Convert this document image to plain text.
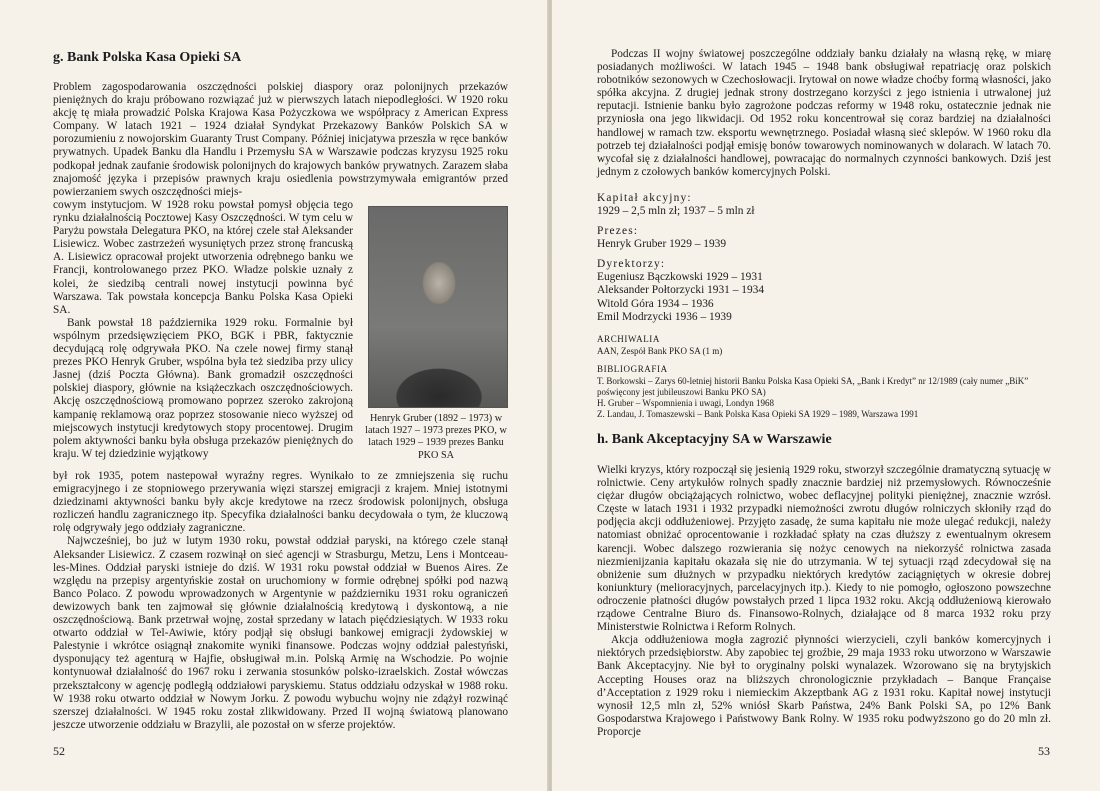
g. Bank Polska Kasa Opieki SA

Problem zagospodarowania oszczędności polskiej diaspory oraz polonijnych przekazów pieniężnych do kraju próbowano rozwiązać już w pierwszych latach niepodległości. W 1920 roku akcję tę miała prowadzić Polska Krajowa Kasa Pożyczkowa we współpracy z American Express Company. W latach 1921 – 1924 działał Syndykat Przekazowy Banków Polskich SA w porozumieniu z nowojorskim Guaranty Trust Company. Później inicjatywa przeszła w ręce banków prywatnych. Upadek Banku dla Handlu i Przemysłu SA w Warszawie podczas kryzysu 1925 roku podkopał jednak zaufanie środowisk polonijnych do krajowych banków prywatnych. Zarazem słaba znajomość języka i przepisów prawnych kraju osiedlenia powstrzymywała emigrantów przed powierzaniem swych oszczędności miejs-

cowym instytucjom. W 1928 roku powstał pomysł objęcia tego rynku działalnością Pocztowej Kasy Oszczędności. W tym celu w Paryżu powstała Delegatura PKO, na której czele stał Aleksander Lisiewicz. Wobec zastrzeżeń wysuniętych przez stronę francuską A. Lisiewicz opracował projekt utworzenia odrębnego banku we Francji, kontrolowanego przez PKO. Władze polskie uznały z kolei, że siedzibą centrali nowej instytucji powinna być Warszawa. Tak powstała koncepcja Banku Polska Kasa Opieki SA.

Bank powstał 18 października 1929 roku. Formalnie był wspólnym przedsięwzięciem PKO, BGK i PBR, faktycznie decydującą rolę odgrywała PKO. Na czele nowej firmy stanął prezes PKO Henryk Gruber, wspólna była też siedziba przy ulicy Jasnej (dziś Poczta Główna). Bank gromadził oszczędności polskiej diaspory, głównie na książeczkach oszczędnościowych. Akcję oszczędnościową promowano poprzez szeroko zakrojoną kampanię reklamową oraz poprzez stosowanie nieco wyższej od miejscowych instytucji kredytowych stopy procentowej. Drugim polem aktywności banku była obsługa przekazów pieniężnych do kraju. W tej dziedzinie wyjątkowy

Henryk Gruber (1892 – 1973) w latach 1927 – 1973 prezes PKO, w latach 1929 – 1939 prezes Banku PKO SA

był rok 1935, potem nastepował wyraźny regres. Wynikało to ze zmniejszenia się ruchu emigracyjnego i ze stopniowego przerywania więzi starszej emigracji z krajem. Mniej istotnymi dziedzinami aktywności banku były akcje kredytowe na rzecz środowisk polonijnych, obsługa rozliczeń handlu zagranicznego itp. Specyfika działalności banku decydowała o tym, że kluczową rolę odgrywały jego oddziały zagraniczne.

Najwcześniej, bo już w lutym 1930 roku, powstał oddział paryski, na którego czele stanął Aleksander Lisiewicz. Z czasem rozwinął on sieć agencji w Strasburgu, Metzu, Lens i Montceau-les-Mines. Oddział paryski istnieje do dziś. W 1931 roku powstał oddział w Buenos Aires. Ze względu na przepisy argentyńskie został on uruchomiony w formie odrębnej spółki pod nazwą Banco Polaco. Z powodu wprowadzonych w Argentynie w październiku 1931 roku ograniczeń dewizowych bank ten zajmował się głównie działalnością kredytową i dyskontową, a nie oszczędnościową. Bank przetrwał wojnę, został sprzedany w latach pięćdziesiątych. W 1933 roku otwarto oddział w Tel-Awiwie, który podjął się obsługi bankowej emigracji żydowskiej w Palestynie i wkrótce osiągnął znakomite wyniki finansowe. Podczas wojny oddział palestyński, dysponujący też agenturą w Hajfie, obsługiwał m.in. Polską Armię na Wschodzie. Po wojnie kontynuował działalność do 1967 roku i zerwania stosunków polsko-izraelskich. Został wówczas przekształcony w agencję podległą oddziałowi paryskiemu. Status oddziału odzyskał w 1988 roku. W 1938 roku otwarto oddział w Nowym Jorku. Z powodu wybuchu wojny nie zdążył rozwinąć szerszej działalności. W 1945 roku został zlikwidowany. Przed II wojną światową planowano jeszcze utworzenie oddziału w Brazylii, ale pozostał on w sferze projektów.

52

Podczas II wojny światowej poszczególne oddziały banku działały na własną rękę, w miarę posiadanych możliwości. W latach 1945 – 1948 bank obsługiwał repatriację oraz polskich robotników sezonowych w Czechosłowacji. Irytował on nowe władze choćby formą własności, jako spółka akcyjna. Z drugiej jednak strony dostrzegano korzyści z jego istnienia i utrwalonej już reputacji. Istnienie banku było zagrożone podczas reformy w 1948 roku, ostatecznie jednak nie przyniosła ona jego likwidacji. Od 1952 roku koncentrował się coraz bardziej na działalności handlowej w ramach tzw. eksportu wewnętrznego. Posiadał własną sieć sklepów. W 1960 roku dla potrzeb tej działalności podjął emisję bonów towarowych nominowanych w dolarach. W latach 70. wycofał się z działalności handlowej, powracając do normalnych czynności bankowych. Dziś jest jednym z czołowych banków komercyjnych Polski.

Kapitał akcyjny:
1929 – 2,5 mln zł; 1937 – 5 mln zł
Prezes:
Henryk Gruber 1929 – 1939
Dyrektorzy:
Eugeniusz Bączkowski 1929 – 1931
Aleksander Połtorzycki 1931 – 1934
Witold Góra 1934 – 1936
Emil Modrzycki 1936 – 1939
ARCHIWALIA
AAN, Zespół Bank PKO SA (1 m)
BIBLIOGRAFIA
T. Borkowski – Zarys 60-letniej historii Banku Polska Kasa Opieki SA, „Bank i Kredyt” nr 12/1989 (cały numer „BiK” poświęcony jest jubileuszowi Banku PKO SA)
H. Gruber – Wspomnienia i uwagi, Londyn 1968
Z. Landau, J. Tomaszewski – Bank Polska Kasa Opieki SA 1929 – 1989, Warszawa 1991
h. Bank Akceptacyjny SA w Warszawie

Wielki kryzys, który rozpoczął się jesienią 1929 roku, stworzył szczególnie dramatyczną sytuację w rolnictwie. Ceny artykułów rolnych spadły znacznie bardziej niż przemysłowych. Równocześnie ciężar długów obciążających rolnictwo, wobec deflacyjnej polityki pieniężnej, znacznie wzrósł. Częste w latach 1931 i 1932 przypadki niemożności zwrotu długów rolniczych skłoniły rząd do podjęcia akcji oddłużeniowej. Przyjęto zasadę, że suma kapitału nie może ulegać redukcji, należy natomiast obniżać oprocentowanie i rozkładać spłaty na czas dłuższy z ewentualnym okresem karencji. Wobec dalszego rozwierania się nożyc cenowych na niekorzyść rolnictwa zasada niezmienijzania kapitału okazała się nie do utrzymania. W tej sytuacji rząd zdecydował się na obniżenie sum dłużnych w przypadku niektórych kredytów zaciągniętych w okresie dobrej koniunktury (melioracyjnych, parcelacyjnych itp.). Kiedy to nie pomogło, ogłoszono powszechne odroczenie płatności długów powstałych przed 1 lipca 1932 roku. Akcją oddłużeniową kierowało rządowe Centralne Biuro ds. Finansowo-Rolnych, działające od 8 marca 1932 roku przy Ministerstwie Rolnictwa i Reform Rolnych.

Akcja oddłużeniowa mogła zagrozić płynności wierzycieli, czyli banków komercyjnych i niektórych przedsiębiorstw. Aby zapobiec tej groźbie, 29 maja 1933 roku utworzono w Warszawie Bank Akceptacyjny. Nie był to oryginalny polski wynalazek. Wzorowano się na brytyjskich Accepting Houses oraz na bliższych chronologicznie przykładach – Banque Française d’Acceptation z 1929 roku i niemieckim Akzeptbank AG z 1931 roku. Kapitał nowej instytucji wynosił 12,5 mln zł, 52% wniósł Skarb Państwa, 24% Bank Polski SA, po 12% Bank Gospodarstwa Krajowego i Państwowy Bank Rolny. W 1935 roku podwyższono go do 20 mln zł. Proporcje

53
